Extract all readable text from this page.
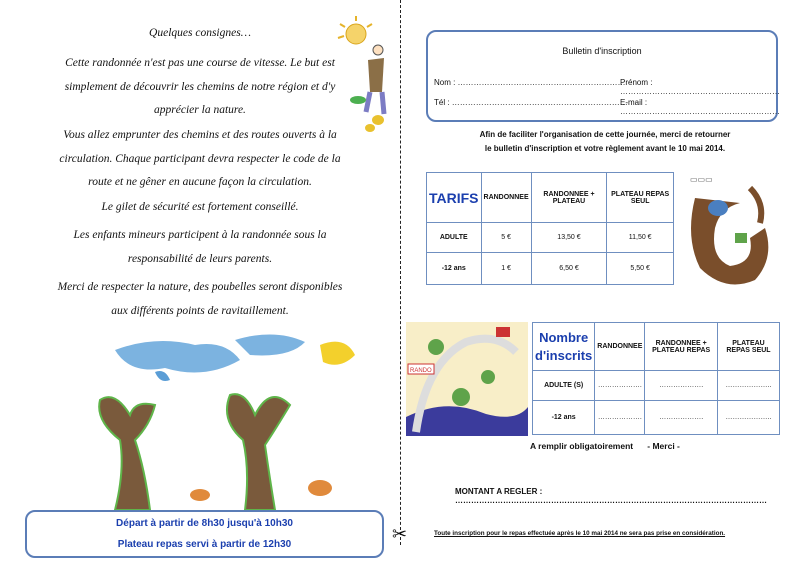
Quelques consignes…
Cette randonnée n'est pas une course de vitesse. Le but est
simplement de découvrir les chemins de notre région et d'y
apprécier la nature.
Vous allez emprunter des chemins et des routes ouverts à la
circulation. Chaque participant devra respecter le code de la
route et ne gêner en aucune façon la circulation.
Le gilet de sécurité est fortement conseillé.
Les enfants mineurs participent à la randonnée sous la
responsabilité de leurs parents.
Merci de respecter la nature, des poubelles seront disponibles
aux différents points de ravitaillement.
✂
Départ à partir de 8h30 jusqu'à 10h30
Plateau repas servi à partir de 12h30
Bulletin d'inscription
Nom : ………………………………………………………
Prénom : ……………………………………………………
Tél : …………………………………………………………
E-mail : ……………………………………………………
Afin de faciliter l'organisation de cette journée, merci de retourner
le bulletin d'inscription et votre règlement avant le 10 mai 2014.
TARIFS	RANDONNEE	RANDONNEE + PLATEAU	PLATEAU REPAS SEUL
ADULTE	5 €	13,50 €	11,50 €
-12 ans	1 €	6,50 €	5,50 €
▭▭▭
RANDO
Nombre
d'inscrits	RANDONNEE	RANDONNEE + PLATEAU REPAS	PLATEAU REPAS SEUL
ADULTE (S)	……………….	……………….	………………..
-12 ans	……………….	……………….	………………..
A remplir obligatoirement      - Merci -
MONTANT A REGLER : ………………………………………………………………………………………………………
Toute inscription pour le repas effectuée après le 10 mai 2014 ne sera pas prise en considération.
